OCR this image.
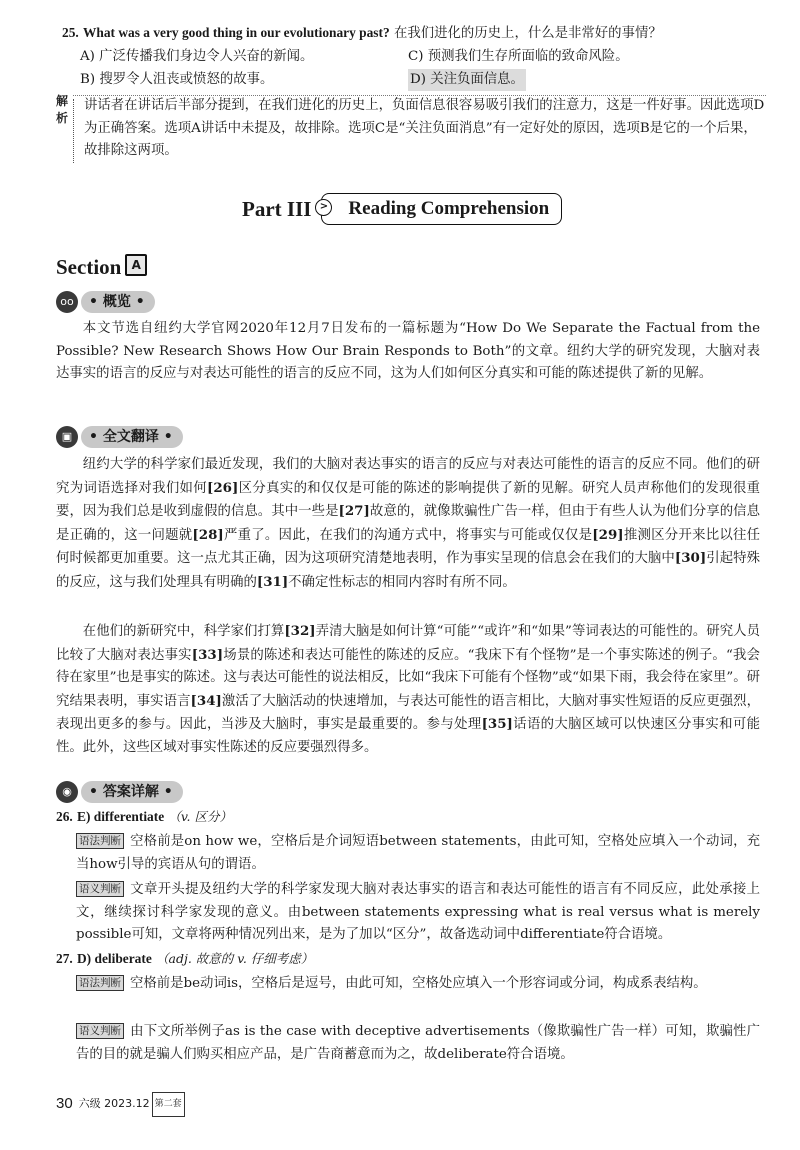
25. What was a very good thing in our evolutionary past? 在我们进化的历史上，什么是非常好的事情？
A) 广泛传播我们身边令人兴奋的新闻。	C) 预测我们生存所面临的致命风险。
B) 搜罗令人沮丧或愤怒的故事。	D) 关注负面信息。
解析
讲话者在讲话后半部分提到，在我们进化的历史上，负面信息很容易吸引我们的注意力，这是一件好事。因此选项D为正确答案。选项A讲话中未提及，故排除。选项C是“关注负面消息”有一定好处的原因，选项B是它的一个后果，故排除这两项。
Part III > Reading Comprehension
Section A
oo	• 概览 •
本文节选自纽约大学官网2020年12月7日发布的一篇标题为“How Do We Separate the Factual from the Possible? New Research Shows How Our Brain Responds to Both”的文章。纽约大学的研究发现，大脑对表达事实的语言的反应与对表达可能性的语言的反应不同，这为人们如何区分真实和可能的陈述提供了新的见解。
▣	• 全文翻译 •
纽约大学的科学家们最近发现，我们的大脑对表达事实的语言的反应与对表达可能性的语言的反应不同。他们的研究为词语选择对我们如何[26]区分真实的和仅仅是可能的陈述的影响提供了新的见解。研究人员声称他们的发现很重要，因为我们总是收到虚假的信息。其中一些是[27]故意的，就像欺骗性广告一样，但由于有些人认为他们分享的信息是正确的，这一问题就[28]严重了。因此，在我们的沟通方式中，将事实与可能或仅仅是[29]推测区分开来比以往任何时候都更加重要。这一点尤其正确，因为这项研究清楚地表明，作为事实呈现的信息会在我们的大脑中[30]引起特殊的反应，这与我们处理具有明确的[31]不确定性标志的相同内容时有所不同。
在他们的新研究中，科学家们打算[32]弄清大脑是如何计算“可能”“或许”和“如果”等词表达的可能性的。研究人员比较了大脑对表达事实[33]场景的陈述和表达可能性的陈述的反应。“我床下有个怪物”是一个事实陈述的例子。“我会待在家里”也是事实的陈述。这与表达可能性的说法相反，比如“我床下可能有个怪物”或“如果下雨，我会待在家里”。研究结果表明，事实语言[34]激活了大脑活动的快速增加，与表达可能性的语言相比，大脑对事实性短语的反应更强烈，表现出更多的参与。因此，当涉及大脑时，事实是最重要的。参与处理[35]话语的大脑区域可以快速区分事实和可能性。此外，这些区域对事实性陈述的反应要强烈得多。
◉	• 答案详解 •
26. E) differentiate （v. 区分）
语法判断 空格前是on how we，空格后是介词短语between statements，由此可知，空格处应填入一个动词，充当how引导的宾语从句的谓语。
语义判断 文章开头提及纽约大学的科学家发现大脑对表达事实的语言和表达可能性的语言有不同反应，此处承接上文，继续探讨科学家发现的意义。由between statements expressing what is real versus what is merely possible可知，文章将两种情况列出来，是为了加以“区分”，故备选动词中differentiate符合语境。
27. D) deliberate （adj. 故意的 v. 仔细考虑）
语法判断 空格前是be动词is，空格后是逗号，由此可知，空格处应填入一个形容词或分词，构成系表结构。
语义判断 由下文所举例子as is the case with deceptive advertisements（像欺骗性广告一样）可知，欺骗性广告的目的就是骗人们购买相应产品，是广告商蓄意而为之，故deliberate符合语境。
30 六级 2023.12 第二套
